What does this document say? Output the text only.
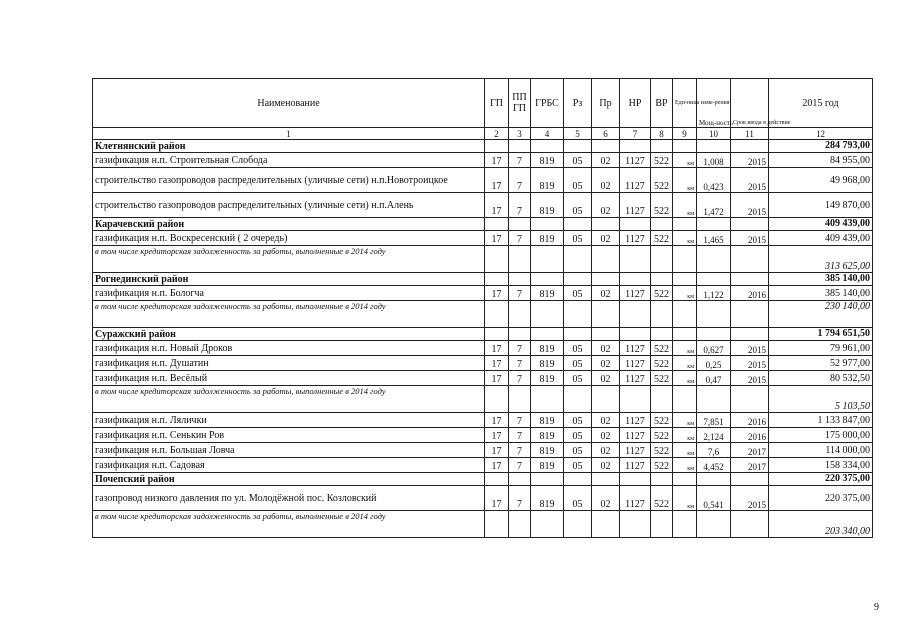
Наименование	ГП	ПП ГП	ГРБС	Рз	Пр	НР	ВР	Еди-ница изме-рения	Мощ-ность	Срок ввода в действие	2015 год
1	2	3	4	5	6	7	8	9	10	11	12
Клетнянский район											284 793,00
газификация н.п. Строительная Слобода	17	7	819	05	02	1127	522	км	1,008	2015	84 955,00
строительство газопроводов распределительных (уличные сети) н.п.Новотроицкое	17	7	819	05	02	1127	522	км	0,423	2015	49 968,00
строительство газопроводов распределительных (уличные сети) н.п.Алень	17	7	819	05	02	1127	522	км	1,472	2015	149 870,00
Карачевский район											409 439,00
газификация н.п. Воскресенский ( 2 очередь)	17	7	819	05	02	1127	522	км	1,465	2015	409 439,00
в том числе кредиторская задолженность за работы, выполненные в 2014 году											313 625,00
Рогнединский район											385 140,00
газификация н.п. Бологча	17	7	819	05	02	1127	522	км	1,122	2016	385 140,00
в том числе кредиторская задолженность за работы, выполненные в 2014 году											230 140,00
Суражский район											1 794 651,50
газификация н.п. Новый Дроков	17	7	819	05	02	1127	522	км	0,627	2015	79 961,00
газификация н.п. Душатин	17	7	819	05	02	1127	522	км	0,25	2015	52 977,00
газификация н.п. Весёлый	17	7	819	05	02	1127	522	км	0,47	2015	80 532,50
в том числе кредиторская задолженность за работы, выполненные в 2014 году											5 103,50
газификация н.п. Лялички	17	7	819	05	02	1127	522	км	7,851	2016	1 133 847,00
газификация н.п. Сенькин Ров	17	7	819	05	02	1127	522	км	2,124	2016	175 000,00
газификация н.п. Большая Ловча	17	7	819	05	02	1127	522	км	7,6	2017	114 000,00
газификация н.п. Садовая	17	7	819	05	02	1127	522	км	4,452	2017	158 334,00
Почепский район											220 375,00
газопровод низкого давления по ул. Молодёжной пос. Козловский	17	7	819	05	02	1127	522	км	0,541	2015	220 375,00
в том числе кредиторская задолженность за работы, выполненные в 2014 году											203 340,00
9
